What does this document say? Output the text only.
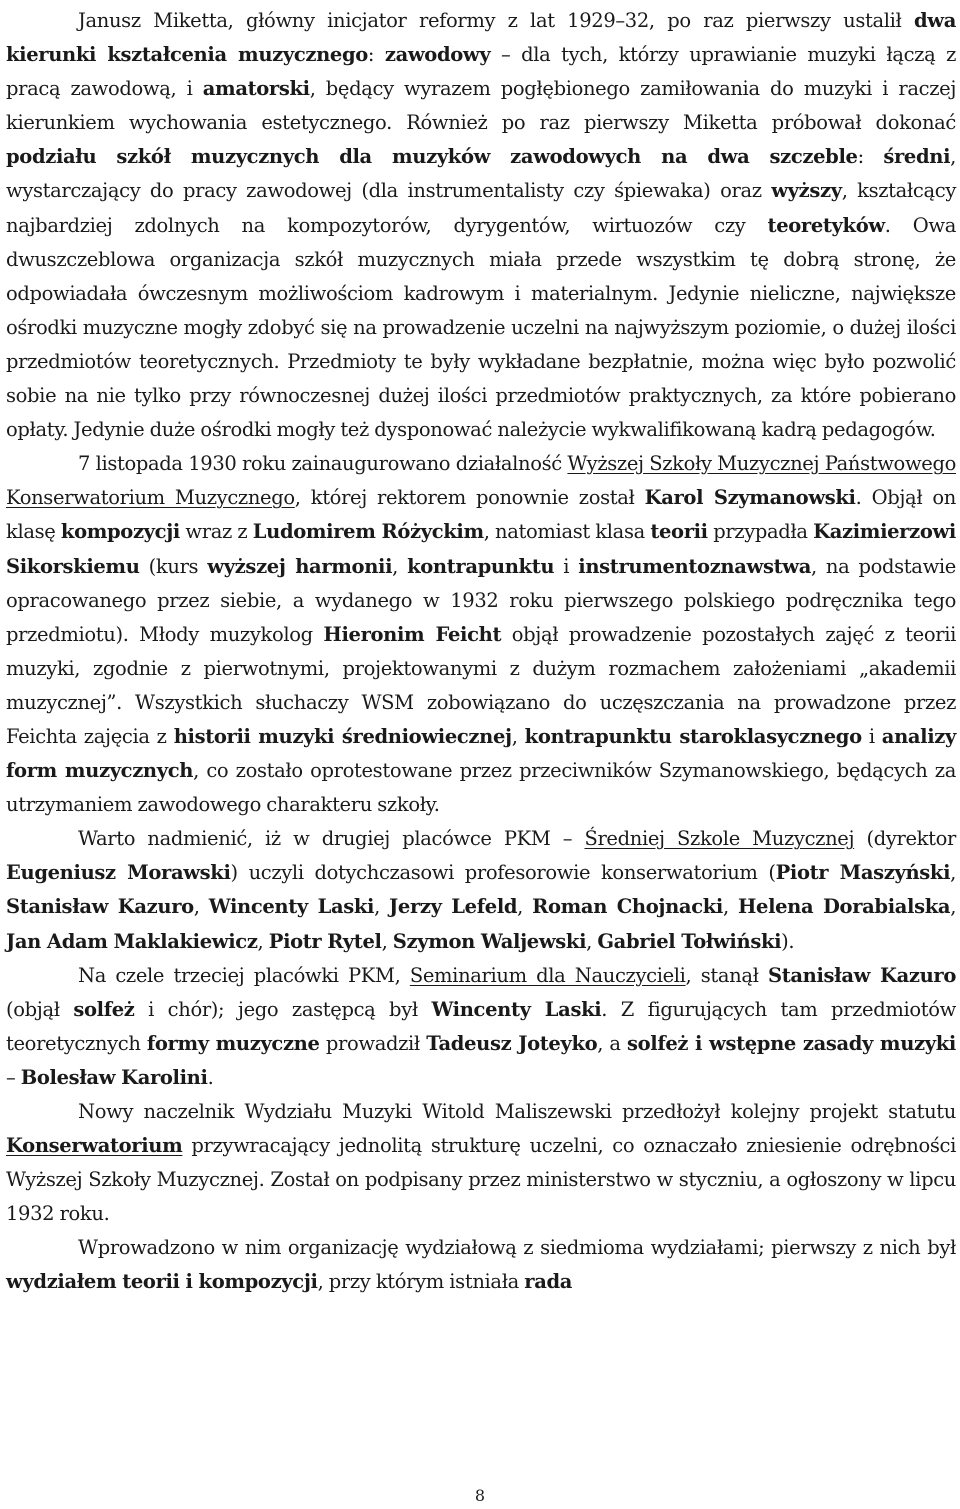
Janusz Miketta, główny inicjator reformy z lat 1929–32, po raz pierwszy ustalił dwa kierunki kształcenia muzycznego: zawodowy – dla tych, którzy uprawianie muzyki łączą z pracą zawodową, i amatorski, będący wyrazem pogłębionego zamiłowania do muzyki i raczej kierunkiem wychowania estetycznego. Również po raz pierwszy Miketta próbował dokonać podziału szkół muzycznych dla muzyków zawodowych na dwa szczeble: średni, wystarczający do pracy zawodowej (dla instrumentalisty czy śpiewaka) oraz wyższy, kształcący najbardziej zdolnych na kompozytorów, dyrygentów, wirtuozów czy teoretyków. Owa dwuszczeblowa organizacja szkół muzycznych miała przede wszystkim tę dobrą stronę, że odpowiadała ówczesnym możliwościom kadrowym i materialnym. Jedynie nieliczne, największe ośrodki muzyczne mogły zdobyć się na prowadzenie uczelni na najwyższym poziomie, o dużej ilości przedmiotów teoretycznych. Przedmioty te były wykładane bezpłatnie, można więc było pozwolić sobie na nie tylko przy równoczesnej dużej ilości przedmiotów praktycznych, za które pobierano opłaty. Jedynie duże ośrodki mogły też dysponować należycie wykwalifikowaną kadrą pedagogów.

7 listopada 1930 roku zainaugurowano działalność Wyższej Szkoły Muzycznej Państwowego Konserwatorium Muzycznego, której rektorem ponownie został Karol Szymanowski. Objął on klasę kompozycji wraz z Ludomirem Różyckim, natomiast klasa teorii przypadła Kazimierzowi Sikorskiemu (kurs wyższej harmonii, kontrapunktu i instrumentoznawstwa, na podstawie opracowanego przez siebie, a wydanego w 1932 roku pierwszego polskiego podręcznika tego przedmiotu). Młody muzykolog Hieronim Feicht objął prowadzenie pozostałych zajęć z teorii muzyki, zgodnie z pierwotnymi, projektowanymi z dużym rozmachem założeniami „akademii muzycznej”. Wszystkich słuchaczy WSM zobowiązano do uczęszczania na prowadzone przez Feichta zajęcia z historii muzyki średniowiecznej, kontrapunktu staroklasycznego i analizy form muzycznych, co zostało oprotestowane przez przeciwników Szymanowskiego, będących za utrzymaniem zawodowego charakteru szkoły.

Warto nadmienić, iż w drugiej placówce PKM – Średniej Szkole Muzycznej (dyrektor Eugeniusz Morawski) uczyli dotychczasowi profesorowie konserwatorium (Piotr Maszyński, Stanisław Kazuro, Wincenty Laski, Jerzy Lefeld, Roman Chojnacki, Helena Dorabialska, Jan Adam Maklakiewicz, Piotr Rytel, Szymon Waljewski, Gabriel Tołwiński).

Na czele trzeciej placówki PKM, Seminarium dla Nauczycieli, stanął Stanisław Kazuro (objął solfeż i chór); jego zastępcą był Wincenty Laski. Z figurujących tam przedmiotów teoretycznych formy muzyczne prowadził Tadeusz Joteyko, a solfeż i wstępne zasady muzyki – Bolesław Karolini.

Nowy naczelnik Wydziału Muzyki Witold Maliszewski przedłożył kolejny projekt statutu Konserwatorium przywracający jednolitą strukturę uczelni, co oznaczało zniesienie odrębności Wyższej Szkoły Muzycznej. Został on podpisany przez ministerstwo w styczniu, a ogłoszony w lipcu 1932 roku.

Wprowadzono w nim organizację wydziałową z siedmioma wydziałami; pierwszy z nich był wydziałem teorii i kompozycji, przy którym istniała rada

8
